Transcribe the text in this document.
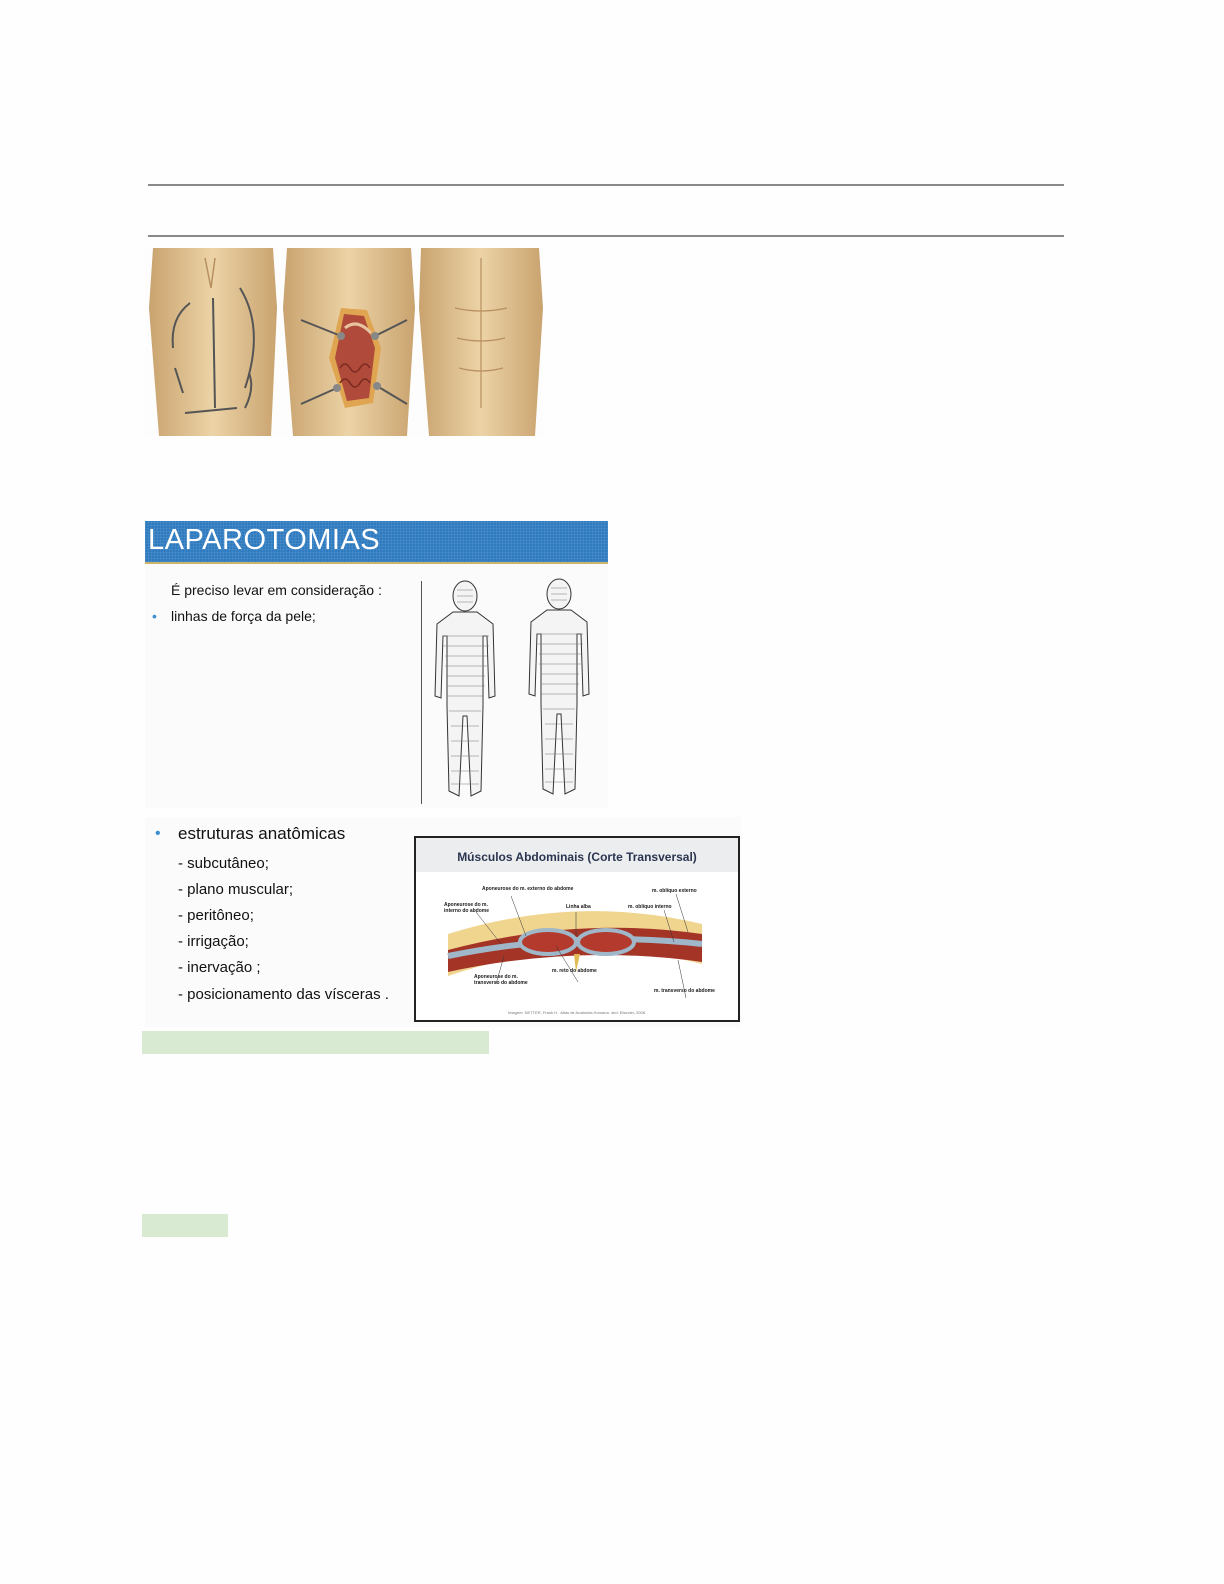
LAPAROTOMIAS
É preciso levar em consideração :
• linhas de força da pele;
• estruturas anatômicas
- subcutâneo;
- plano muscular;
- peritôneo;
- irrigação;
- inervação ;
- posicionamento das vísceras .
Músculos Abdominais (Corte Transversal)
Aponeurose do m. externo do abdome
Aponeurose do m. interno do abdome
Linha alba
m. oblíquo externo
m. oblíquo interno
m. reto do abdome
Aponeurose do m. transverso do abdome
m. transverso do abdome
Imagem: NETTER, Frank H.. Atlas de Anatomia Humana. 4ed. Elsevier, 2008.
